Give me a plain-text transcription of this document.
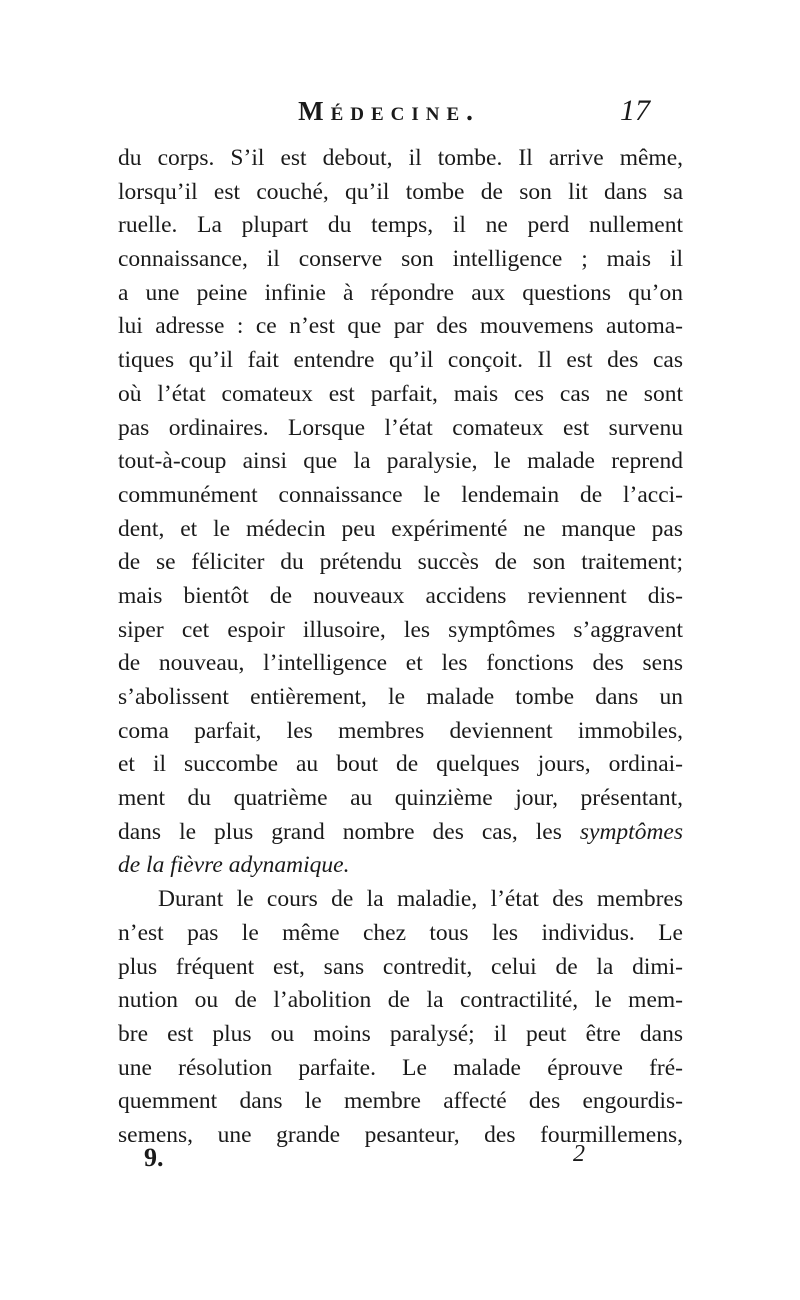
Médecine.	17
du corps. S’il est debout, il tombe. Il arrive même,
lorsqu’il est couché, qu’il tombe de son lit dans sa
ruelle. La plupart du temps, il ne perd nullement
connaissance, il conserve son intelligence ; mais il
a une peine infinie à répondre aux questions qu’on
lui adresse : ce n’est que par des mouvemens automa-
tiques qu’il fait entendre qu’il conçoit. Il est des cas
où l’état comateux est parfait, mais ces cas ne sont
pas ordinaires. Lorsque l’état comateux est survenu
tout-à-coup ainsi que la paralysie, le malade reprend
communément connaissance le lendemain de l’acci-
dent, et le médecin peu expérimenté ne manque pas
de se féliciter du prétendu succès de son traitement;
mais bientôt de nouveaux accidens reviennent dis-
siper cet espoir illusoire, les symptômes s’aggravent
de nouveau, l’intelligence et les fonctions des sens
s’abolissent entièrement, le malade tombe dans un
coma parfait, les membres deviennent immobiles,
et il succombe au bout de quelques jours, ordinai-
ment du quatrième au quinzième jour, présentant,
dans le plus grand nombre des cas, les symptômes
de la fièvre adynamique.
Durant le cours de la maladie, l’état des membres
n’est pas le même chez tous les individus. Le
plus fréquent est, sans contredit, celui de la dimi-
nution ou de l’abolition de la contractilité, le mem-
bre est plus ou moins paralysé; il peut être dans
une résolution parfaite. Le malade éprouve fré-
quemment dans le membre affecté des engourdis-
semens, une grande pesanteur, des fourmillemens,
9.	2
